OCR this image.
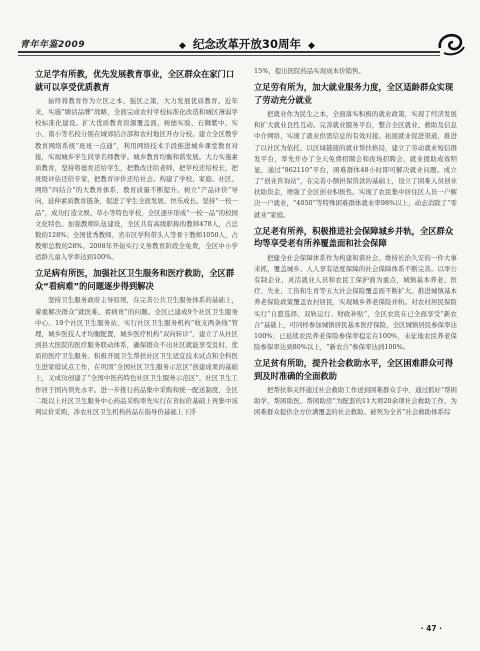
青年年鉴2009	◆ 纪念改革开放30周年 ◆
立足学有所教，优先发展教育事业，全区群众在家门口就可以享受优质教育

始终将教育作为立区之本、强区之策，大力发展优质教育。近年来，实施“塘沽品牌”战略，全面完成农村学校标准化改造和城区薄弱学校标准化建设。扩大优质教育资源覆盖面，树德实验、石狮紫中、实小、南小等名校分别在城郊结合部和农村地区开办分校。建立全区教学教育网络系统“班班一点通”，利用网络技术手段推进城乡课堂教育对接，实现城乡学生同享名师教学。城乡教育均衡和谐发展。大力实施素质教育，坚持将德育还给学生，把教改还给老师，把学校还给校长，把班级评估还给专家，把教育评价还给社会。构建了学校、家庭、社区、网络“四结合”的大教育体系，教育质量不断提升。树立“产品评价”导向，延伸素质教育链条，促进了学生全面发展、快乐成长。坚持“一校一品”，成功打造文娱、草小等特色学校，全区逐步形成“一校一品”的校园文化特色。加强教师队伍建设，全区共有高级职称的教师478人，占总数的128%；全国优秀教师、省市区学科带头人等骨干教师1050人，占教师总数的28%。2008年开始实行义务教育阶段全免费，全区中小学适龄儿童入学率达到100%。

立足病有所医，加强社区卫生服务和医疗救助，全区群众“看病难”的问题逐步得到解决

坚持卫生服务政府主导原则，在完善公共卫生服务体系的基础上，着重解决群众“就医难、看病贵”的问题。全区已建成9个社区卫生服务中心、19个社区卫生服务站，实行社区卫生服务机构“收支两条线”管理，城乡医技人才均衡配置，城乡医疗机构“双向转诊”，建立了从社区到县大医院的医疗服务联动体系，确保群众不出社区就能享受及时、优质的医疗卫生服务。积极开展卫生帮扶社区卫生适宜技术试点和全科医生进家庭试点工作，在巩固“全国社区卫生服务示范区”创建成果的基础上，又成功创建了“全国中医药特色社区卫生服务示范区”，社区卫生工作居于国内领先水平。进一步推行药品集中采购和统一配送制度，全区二级以上社区卫生服务中心药品采购率先实行在省标价基础上再集中该判议价采购，涉农社区卫生机构药品在指导价基础上下浮

15%，提出医院药品实现成本价销售。

立足劳有所为，加大就业服务力度，全区适龄群众实现了劳动充分就业

把就业作为民生之本，全面落实积极的就业政策，实现了经济发展和扩大就业良性互动。完善就业服务平台，整合全区就业、救助及信息中介网络，实现了就业供需信息的有效对接。拓展就业促进渠道，推进了以社区为依托、以区域链接的就业帮扶格局，建立了劳动就业短信群发平台，率先开办了全天免费招聘会和夜场招聘会，就业援助成效明显，通过“962110”平台，困难群体48小时即可解决就业问题。成立了“创业咨询站”，在完善小额担保贷款的基础上，设立了困难人员创业扶助资金，增强了全区创业积极性。实现了农民集中居住区人员一户解决一户就业，“4050”等特殊困难群体就业率98%以上，动态消除了“零就业”家庭。

立足老有所养，积极推进社会保障城乡并轨，全区群众均等享受老有所养覆盖面和社会保障

把健全社会保障体系作为构建和谐社会、维持长治久安的一件大事来抓，覆盖城乡、人人享有适度保障的社会保障体系不断完善。以率公有制企业、灵活就业人员和农民工保护面为重点，城镇基本养老、医疗、失业、工伤和生育等五大社会保险覆盖面不断扩大。推进城镇基本养老保险政策覆盖农村居民，实现城乡养老保险并轨。对农村居民保险实行“自愿选择、双轨运行、财政补贴”，全区农民在已全面享受“新农合”基础上，可同样参加城镇居民基本医疗保险，全区城镇居民参保率达100%；已延续农民养老保险参保率稳定在100%，未征地农民养老保险参保率达到80%以上，“新农合”参保率达到100%。

立足贫有所助，提升社会救助水平，全区困难群众可得到及时准确的全面救助

把帮扶和关怀通过社会救助工作送到困难群众手中，通过抓好“帮困助学、帮困助医、帮困助房”为配套的11大项20余项社会救助工作，为困难群众提供全方位满覆盖的社会救助。被列为全省“社会救助体系综

· 47 ·
